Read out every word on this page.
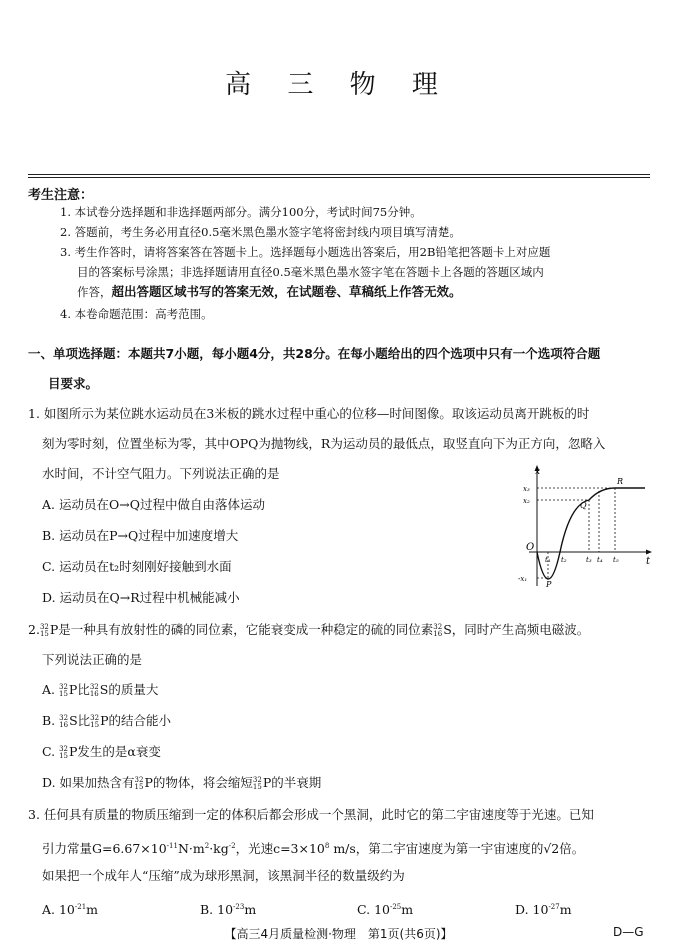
高 三 物 理
考生注意：
1. 本试卷分选择题和非选择题两部分。满分100分，考试时间75分钟。
2. 答题前，考生务必用直径0.5毫米黑色墨水签字笔将密封线内项目填写清楚。
3. 考生作答时，请将答案答在答题卡上。选择题每小题选出答案后，用2B铅笔把答题卡上对应题
目的答案标号涂黑；非选择题请用直径0.5毫米黑色墨水签字笔在答题卡上各题的答题区域内
作答，超出答题区域书写的答案无效，在试题卷、草稿纸上作答无效。
4. 本卷命题范围：高考范围。
一、单项选择题：本题共7小题，每小题4分，共28分。在每小题给出的四个选项中只有一个选项符合题
目要求。
1. 如图所示为某位跳水运动员在3米板的跳水过程中重心的位移—时间图像。取该运动员离开跳板的时
刻为零时刻，位置坐标为零，其中OPQ为抛物线，R为运动员的最低点，取竖直向下为正方向，忽略入
水时间，不计空气阻力。下列说法正确的是
A. 运动员在O→Q过程中做自由落体运动
B. 运动员在P→Q过程中加速度增大
C. 运动员在t₂时刻刚好接触到水面
D. 运动员在Q→R过程中机械能减小
x
t
O
x₃
x₂
-x₁
t₁ t₂	t₃ t₄ t₅
P
Q
R
2.32
15P是一种具有放射性的磷的同位素，它能衰变成一种稳定的硫的同位素32
16S，同时产生高频电磁波。
下列说法正确的是
A. 32
15P比32
16S的质量大
B. 32
16S比32
15P的结合能小
C. 32
15P发生的是α衰变
D. 如果加热含有32
15P的物体，将会缩短32
15P的半衰期
3. 任何具有质量的物质压缩到一定的体积后都会形成一个黑洞，此时它的第二宇宙速度等于光速。已知
引力常量$G=6.67\times 10^{-11}N\cdot m^2\cdot kg^{-2}$，光速$c=3\times 10^8$ m/s，第二宇宙速度为第一宇宙速度的√2倍。
如果把一个成年人“压缩”成为球形黑洞，该黑洞半径的数量级约为
A. $10^{-21}m$	B. $10^{-23}m$	C. $10^{-25}m$	D. $10^{-27}m$
【高三4月质量检测·物理　第1页(共6页)】	D—G
